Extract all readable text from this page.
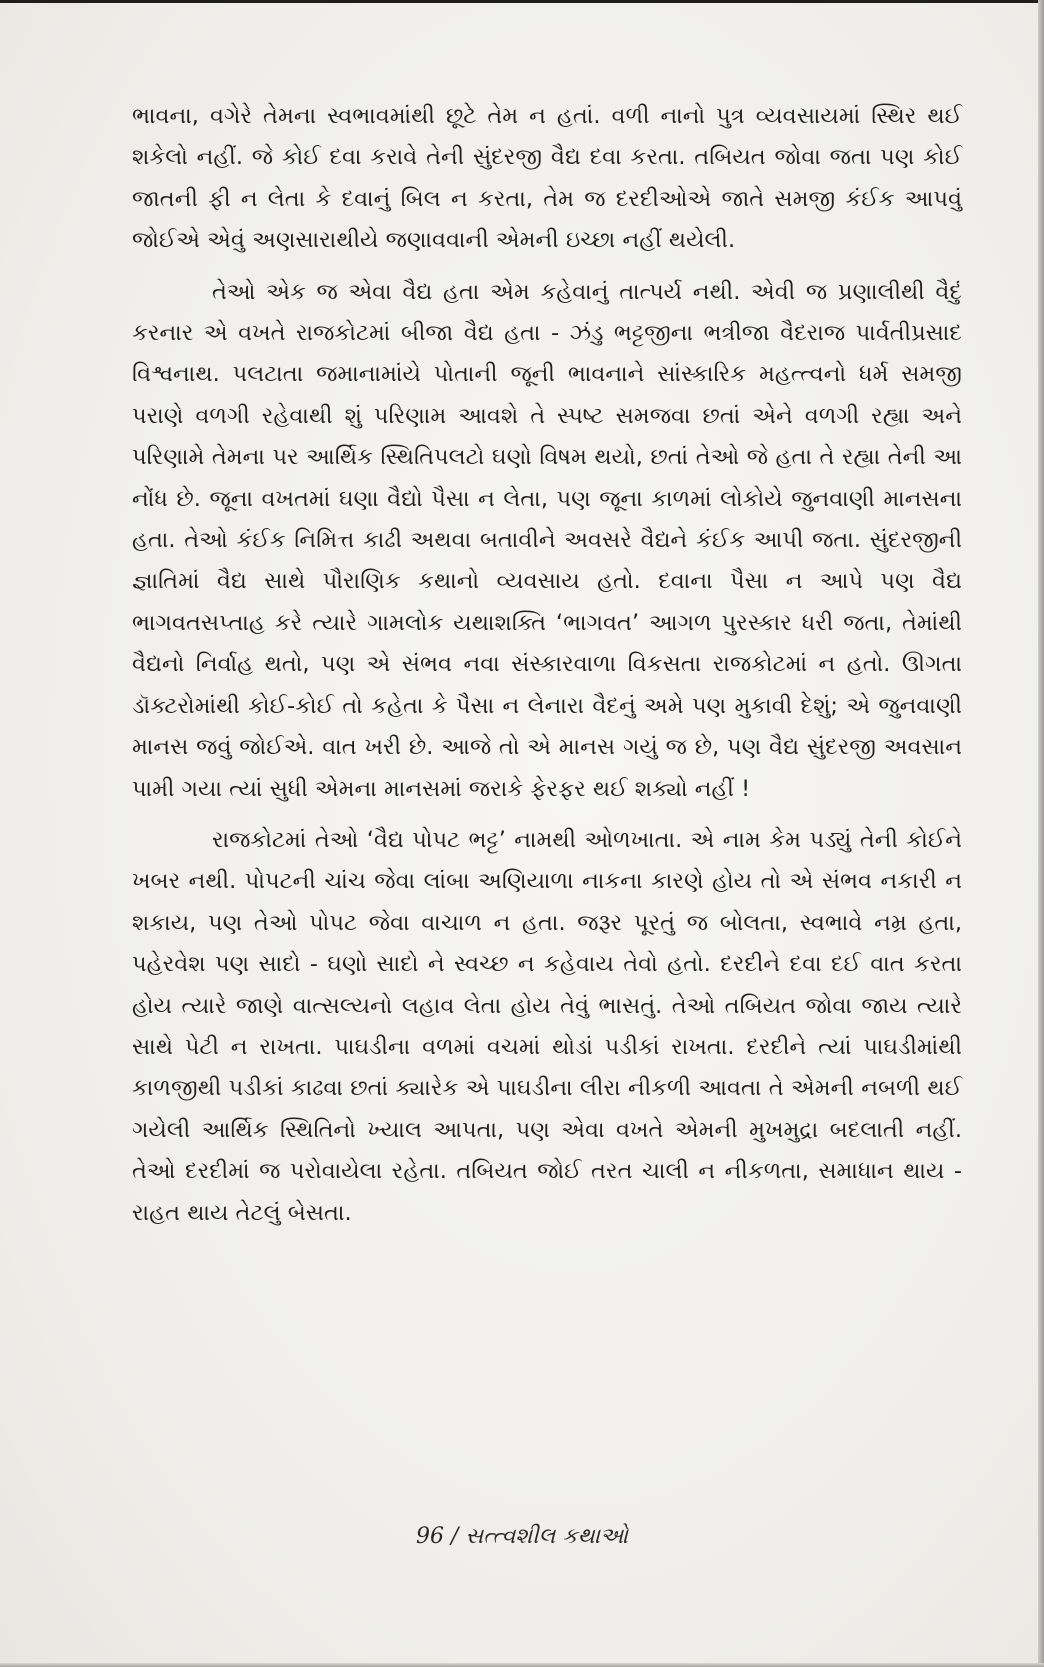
ભાવના, વગેરે તેમના સ્વભાવમાંથી છૂટે તેમ ન હતાં. વળી નાનો પુત્ર વ્યવસાયમાં સ્થિર થઈ શકેલો નહીં. જે કોઈ દવા કરાવે તેની સુંદરજી વૈદ્ય દવા કરતા. તબિયત જોવા જતા પણ કોઈ જાતની ફી ન લેતા કે દવાનું બિલ ન કરતા, તેમ જ દરદીઓએ જાતે સમજી કંઈક આપવું જોઈએ એવું અણસારાથીયે જણાવવાની એમની ઇચ્છા નહીં થયેલી.

તેઓ એક જ એવા વૈદ્ય હતા એમ કહેવાનું તાત્પર્ય નથી. એવી જ પ્રણાલીથી વૈદું કરનાર એ વખતે રાજકોટમાં બીજા વૈદ્ય હતા - ઝંડુ ભટ્ટજીના ભત્રીજા વૈદરાજ પાર્વતીપ્રસાદ વિશ્વનાથ. પલટાતા જમાનામાંયે પોતાની જૂની ભાવનાને સાંસ્કારિક મહત્ત્વનો ધર્મ સમજી પરાણે વળગી રહેવાથી શું પરિણામ આવશે તે સ્પષ્ટ સમજવા છતાં એને વળગી રહ્યા અને પરિણામે તેમના પર આર્થિક સ્થિતિપલટો ઘણો વિષમ થયો, છતાં તેઓ જે હતા તે રહ્યા તેની આ નોંધ છે. જૂના વખતમાં ઘણા વૈદ્યો પૈસા ન લેતા, પણ જૂના કાળમાં લોકોયે જુનવાણી માનસના હતા. તેઓ કંઈક નિમિત્ત કાઢી અથવા બતાવીને અવસરે વૈદ્યને કંઈક આપી જતા. સુંદરજીની જ્ઞાતિમાં વૈદ્ય સાથે પૌરાણિક કથાનો વ્યવસાય હતો. દવાના પૈસા ન આપે પણ વૈદ્ય ભાગવતસપ્તાહ કરે ત્યારે ગામલોક યથાશક્તિ ‘ભાગવત’ આગળ પુરસ્કાર ધરી જતા, તેમાંથી વૈદ્યનો નિર્વાહ થતો, પણ એ સંભવ નવા સંસ્કારવાળા વિકસતા રાજકોટમાં ન હતો. ઊગતા ડૉક્ટરોમાંથી કોઈ-કોઈ તો કહેતા કે પૈસા ન લેનારા વૈદનું અમે પણ મુકાવી દેશું; એ જુનવાણી માનસ જવું જોઈએ. વાત ખરી છે. આજે તો એ માનસ ગયું જ છે, પણ વૈદ્ય સુંદરજી અવસાન પામી ગયા ત્યાં સુધી એમના માનસમાં જરાકે ફેરફર થઈ શક્યો નહીં !

રાજકોટમાં તેઓ ‘વૈદ્ય પોપટ ભટ્ટ’ નામથી ઓળખાતા. એ નામ કેમ પડ્યું તેની કોઈને ખબર નથી. પોપટની ચાંચ જેવા લાંબા અણિયાળા નાકના કારણે હોય તો એ સંભવ નકારી ન શકાય, પણ તેઓ પોપટ જેવા વાચાળ ન હતા. જરૂર પૂરતું જ બોલતા, સ્વભાવે નમ્ર હતા, પહેરવેશ પણ સાદો - ઘણો સાદો ને સ્વચ્છ ન કહેવાય તેવો હતો. દરદીને દવા દઈ વાત કરતા હોય ત્યારે જાણે વાત્સલ્યનો લહાવ લેતા હોય તેવું ભાસતું. તેઓ તબિયત જોવા જાય ત્યારે સાથે પેટી ન રાખતા. પાઘડીના વળમાં વચમાં થોડાં પડીકાં રાખતા. દરદીને ત્યાં પાઘડીમાંથી કાળજીથી પડીકાં કાઢવા છતાં ક્યારેક એ પાઘડીના લીરા નીકળી આવતા તે એમની નબળી થઈ ગયેલી આર્થિક સ્થિતિનો ખ્યાલ આપતા, પણ એવા વખતે એમની મુખમુદ્રા બદલાતી નહીં. તેઓ દરદીમાં જ પરોવાયેલા રહેતા. તબિયત જોઈ તરત ચાલી ન નીકળતા, સમાધાન થાય - રાહત થાય તેટલું બેસતા.

96 / સત્ત્વશીલ કથાઓ
